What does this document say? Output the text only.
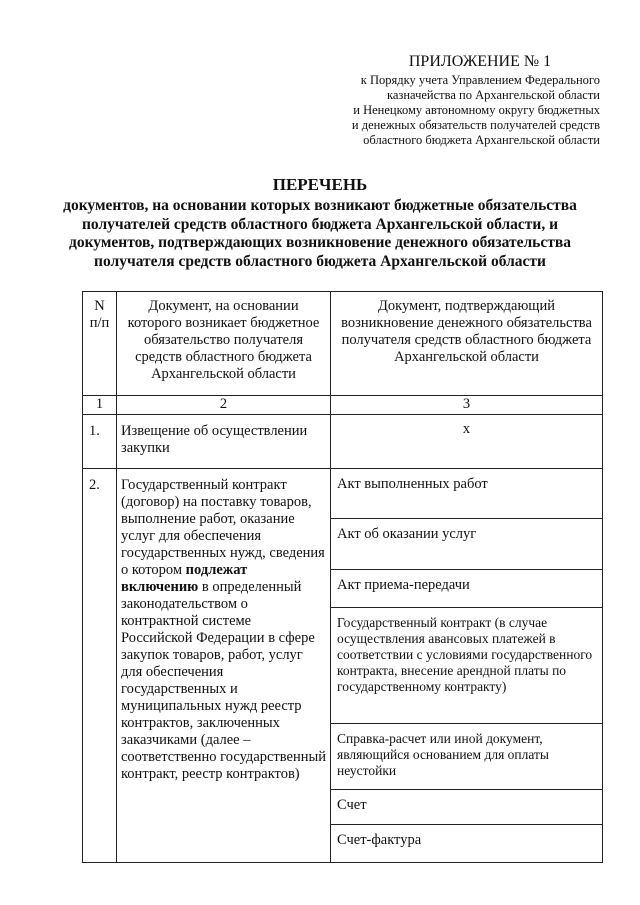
ПРИЛОЖЕНИЕ № 1
к Порядку учета Управлением Федерального
казначейства по Архангельской области
и Ненецкому автономному округу бюджетных
и денежных обязательств получателей средств
областного бюджета Архангельской области
ПЕРЕЧЕНЬ
документов, на основании которых возникают бюджетные обязательства получателей средств областного бюджета Архангельской области, и документов, подтверждающих возникновение денежного обязательства получателя средств областного бюджета Архангельской области
N п/п	Документ, на основании которого возникает бюджетное обязательство получателя средств областного бюджета Архангельской области	Документ, подтверждающий возникновение денежного обязательства получателя средств областного бюджета Архангельской области
1	2	3
1.	Извещение об осуществлении закупки	х
2.	Государственный контракт (договор) на поставку товаров, выполнение работ, оказание услуг для обеспечения государственных нужд, сведения о котором подлежат включению в определенный законодательством о контрактной системе Российской Федерации в сфере закупок товаров, работ, услуг для обеспечения государственных и муниципальных нужд реестр контрактов, заключенных заказчиками (далее – соответственно государственный контракт, реестр контрактов)	Акт выполненных работ
		Акт об оказании услуг
		Акт приема-передачи
		Государственный контракт (в случае осуществления авансовых платежей в соответствии с условиями государственного контракта, внесение арендной платы по государственному контракту)
		Справка-расчет или иной документ, являющийся основанием для оплаты неустойки
		Счет
		Счет-фактура
